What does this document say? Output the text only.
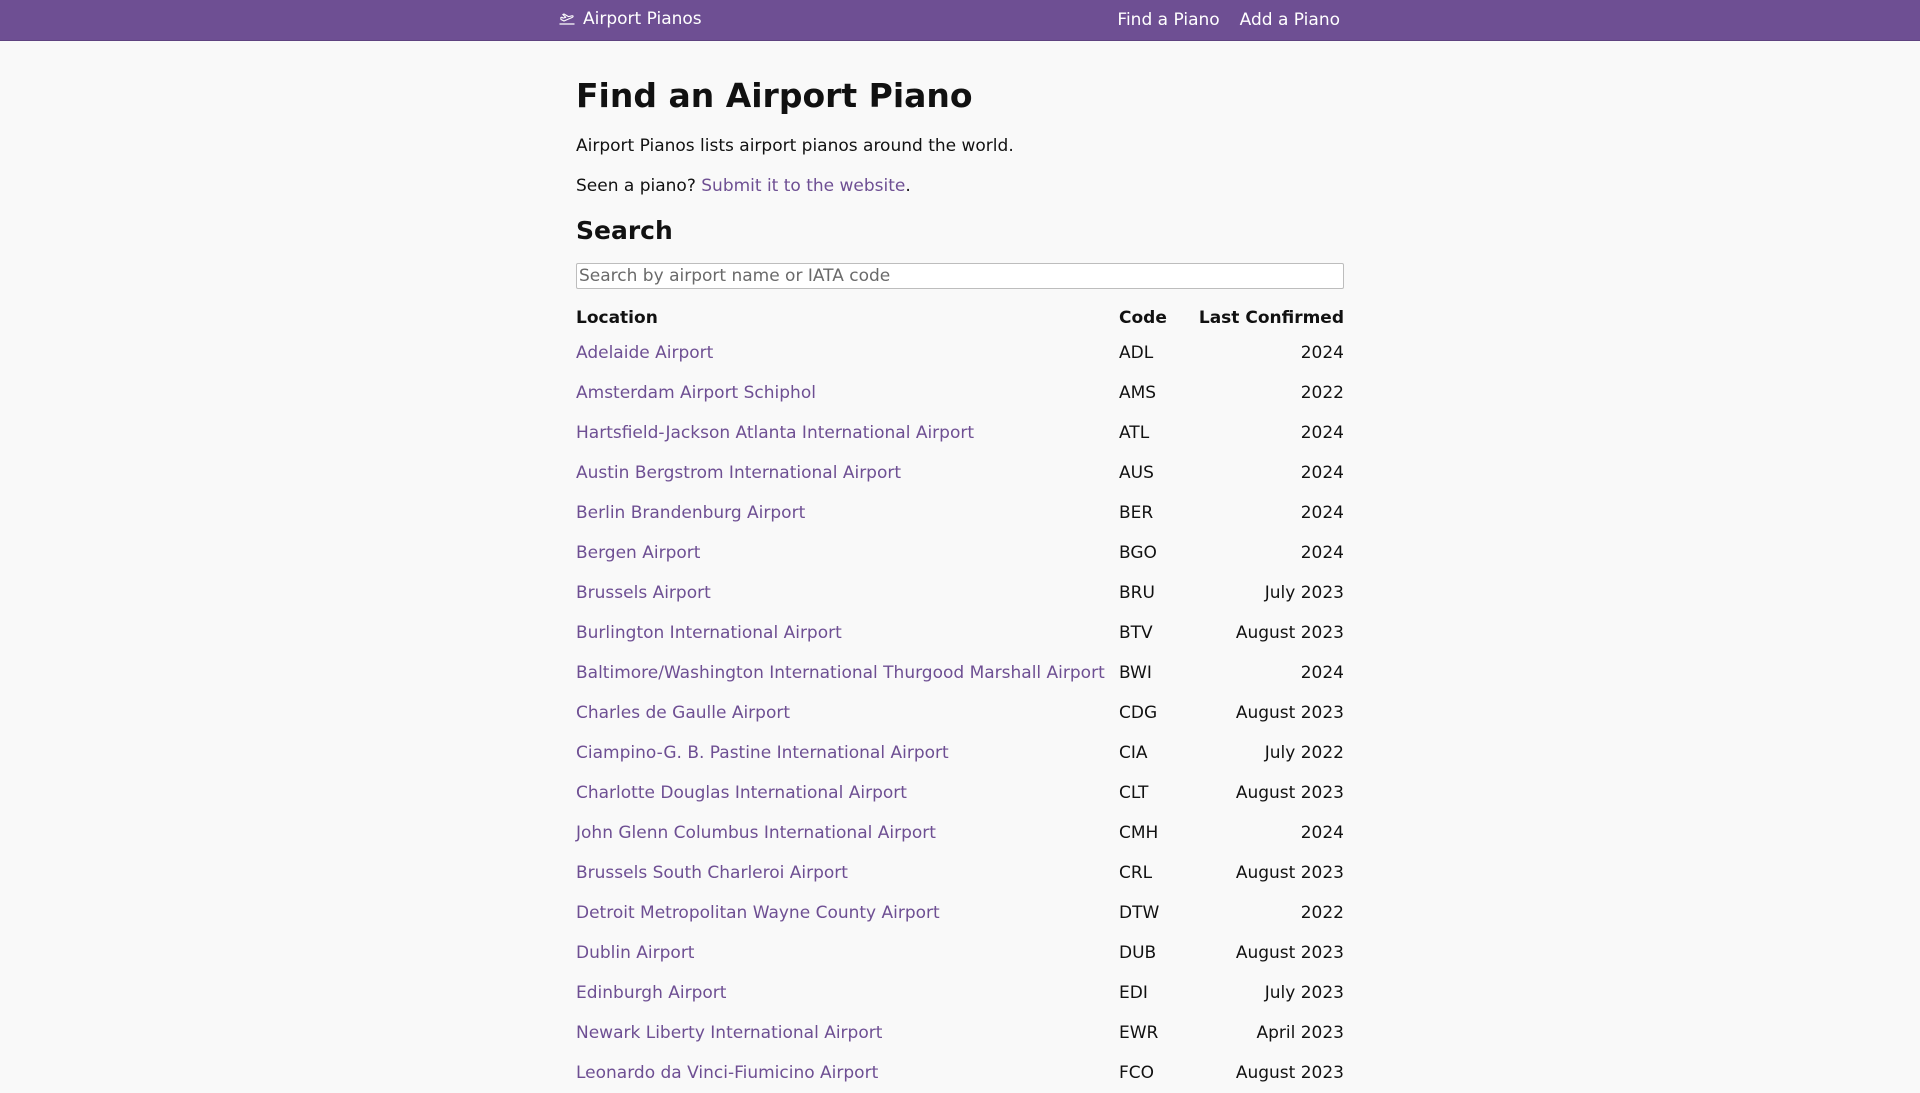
Airport Pianos	Find a Piano Add a Piano
Find an Airport Piano

Airport Pianos lists airport pianos around the world.

Seen a piano? Submit it to the website.

Search
Search by airport name or IATA code
Location	Code	Last Confirmed
Adelaide Airport	ADL	2024
Amsterdam Airport Schiphol	AMS	2022
Hartsfield-Jackson Atlanta International Airport	ATL	2024
Austin Bergstrom International Airport	AUS	2024
Berlin Brandenburg Airport	BER	2024
Bergen Airport	BGO	2024
Brussels Airport	BRU	July 2023
Burlington International Airport	BTV	August 2023
Baltimore/Washington International Thurgood Marshall Airport	BWI	2024
Charles de Gaulle Airport	CDG	August 2023
Ciampino-G. B. Pastine International Airport	CIA	July 2022
Charlotte Douglas International Airport	CLT	August 2023
John Glenn Columbus International Airport	CMH	2024
Brussels South Charleroi Airport	CRL	August 2023
Detroit Metropolitan Wayne County Airport	DTW	2022
Dublin Airport	DUB	August 2023
Edinburgh Airport	EDI	July 2023
Newark Liberty International Airport	EWR	April 2023
Leonardo da Vinci-Fiumicino Airport	FCO	August 2023
